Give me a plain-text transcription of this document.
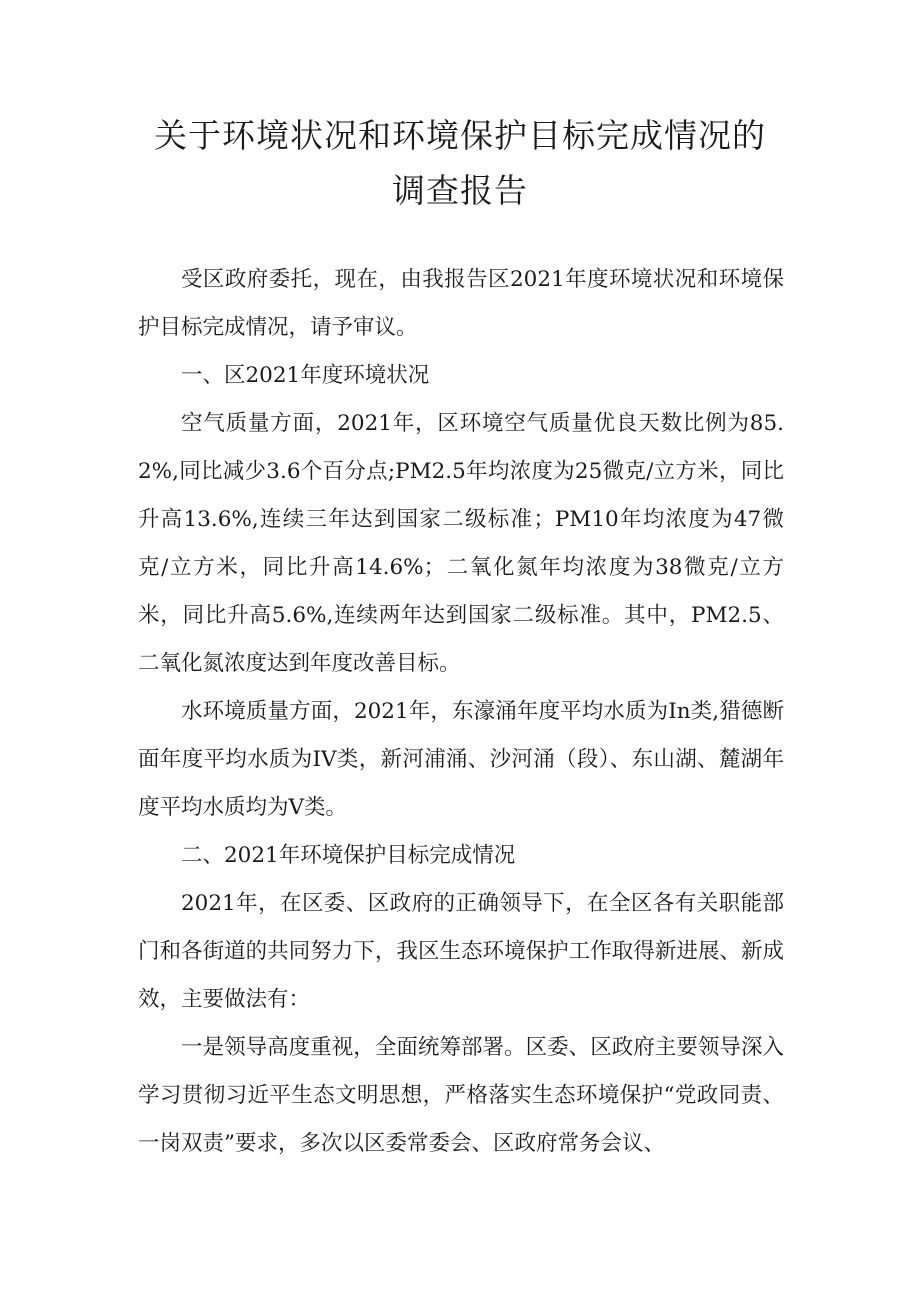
关于环境状况和环境保护目标完成情况的
调查报告

受区政府委托，现在，由我报告区2021年度环境状况和环境保护目标完成情况，请予审议。

一、区2021年度环境状况

空气质量方面，2021年，区环境空气质量优良天数比例为85.2%,同比减少3.6个百分点;PM2.5年均浓度为25微克/立方米，同比升高13.6%,连续三年达到国家二级标准；PM10年均浓度为47微克/立方米，同比升高14.6%；二氧化氮年均浓度为38微克/立方米，同比升高5.6%,连续两年达到国家二级标准。其中，PM2.5、二氧化氮浓度达到年度改善目标。

水环境质量方面，2021年，东濠涌年度平均水质为In类,猎德断面年度平均水质为IV类，新河浦涌、沙河涌（段）、东山湖、麓湖年度平均水质均为V类。

二、2021年环境保护目标完成情况

2021年，在区委、区政府的正确领导下，在全区各有关职能部门和各街道的共同努力下，我区生态环境保护工作取得新进展、新成效，主要做法有：

一是领导高度重视，全面统筹部署。区委、区政府主要领导深入学习贯彻习近平生态文明思想，严格落实生态环境保护“党政同责、一岗双责”要求，多次以区委常委会、区政府常务会议、
